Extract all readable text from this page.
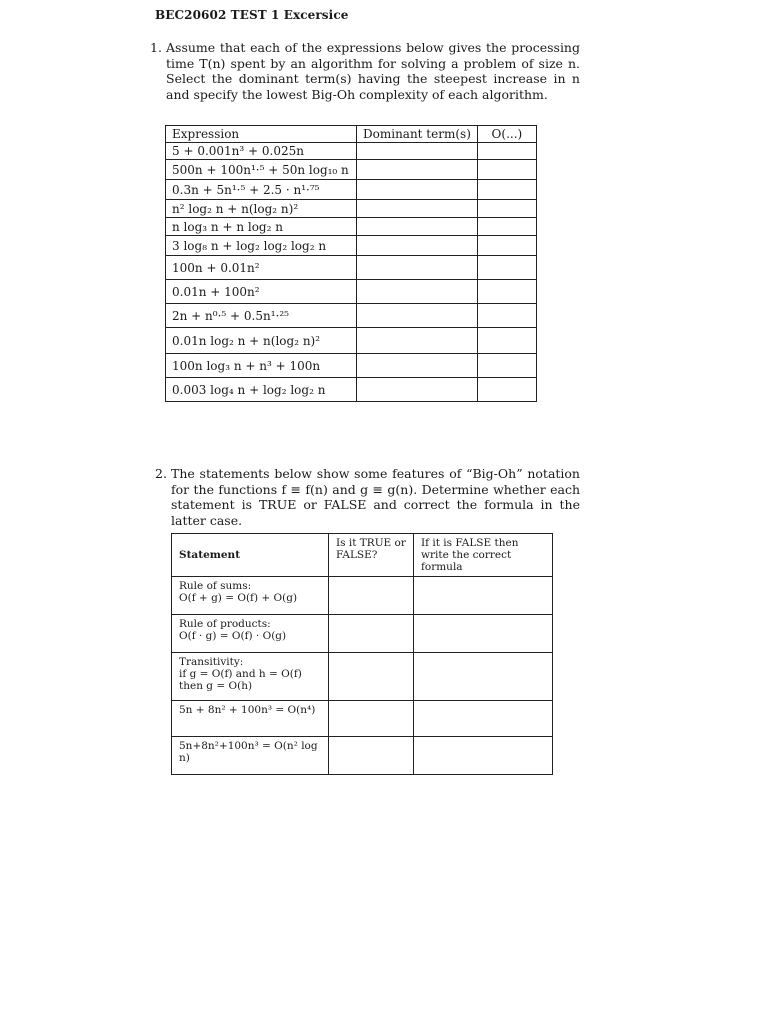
BEC20602 TEST 1 Excersice
1. Assume that each of the expressions below gives the processing time T(n) spent by an algorithm for solving a problem of size n. Select the dominant term(s) having the steepest increase in n and specify the lowest Big-Oh complexity of each algorithm.
Expression	Dominant term(s)	O(...)
5 + 0.001n³ + 0.025n		
500n + 100n¹·⁵ + 50n log₁₀ n		
0.3n + 5n¹·⁵ + 2.5 · n¹·⁷⁵		
n² log₂ n + n(log₂ n)²		
n log₃ n + n log₂ n		
3 log₈ n + log₂ log₂ log₂ n		
100n + 0.01n²		
0.01n + 100n²		
2n + n⁰·⁵ + 0.5n¹·²⁵		
0.01n log₂ n + n(log₂ n)²		
100n log₃ n + n³ + 100n		
0.003 log₄ n + log₂ log₂ n		
2. The statements below show some features of “Big-Oh” notation for the functions f ≡ f(n) and g ≡ g(n). Determine whether each statement is TRUE or FALSE and correct the formula in the latter case.
Statement	Is it TRUE or FALSE?	If it is FALSE then write the correct formula

Rule of sums:
O(f + g) = O(f) + O(g)		

Rule of products:
O(f · g) = O(f) · O(g)		

Transitivity:
if g = O(f) and h = O(f)
then g = O(h)		

5n + 8n² + 100n³ = O(n⁴)		

5n+8n²+100n³ = O(n² log n)		
